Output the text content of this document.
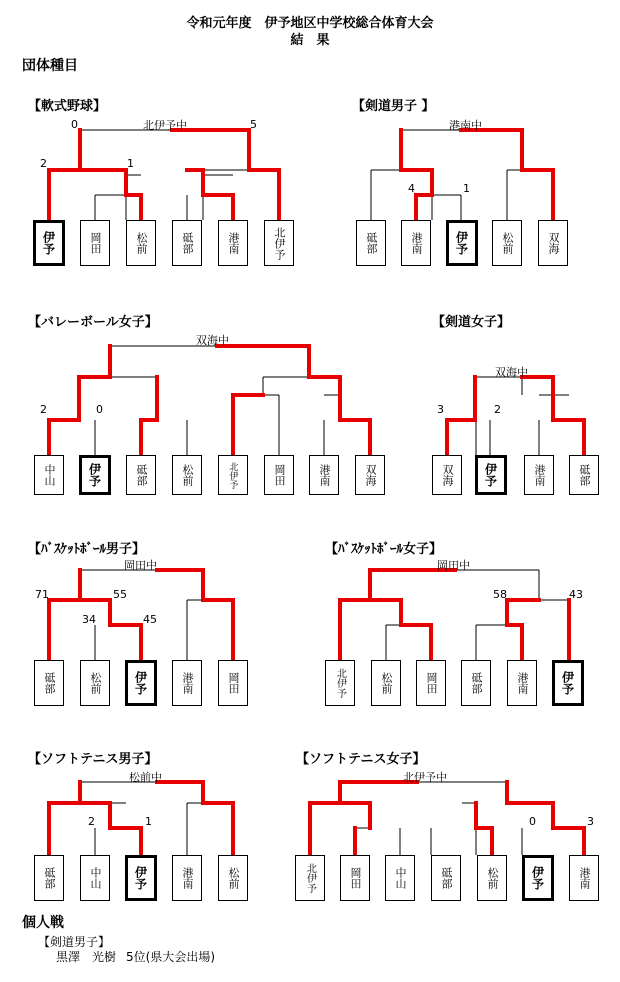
令和元年度　伊予地区中学校総合体育大会
結　果
団体種目
【軟式野球】
北伊予中
0	5
2	1
伊予	岡田	松前	砥部	港南	北伊予
【剣道男子 】
港南中
4	1
砥部	港南	伊予	松前	双海
【バレーボール女子】
双海中
2	0
中山	伊予	砥部	松前	北伊予	岡田	港南	双海
【剣道女子】
双海中
3	2
双海	伊予	港南	砥部
【ﾊﾞｽｹｯﾄﾎﾞｰﾙ男子】
岡田中
71	55
34	45
砥部	松前	伊予	港南	岡田
【ﾊﾞｽｹｯﾄﾎﾞｰﾙ女子】
岡田中
58	43
北伊予	松前	岡田	砥部	港南	伊予
【ソフトテニス男子】
松前中
2	1
砥部	中山	伊予	港南	松前
【ソフトテニス女子】
北伊予中
0	3
北伊予	岡田	中山	砥部	松前	伊予	港南
個人戦
【剣道男子】
黒澤　光樹 5位(県大会出場)
